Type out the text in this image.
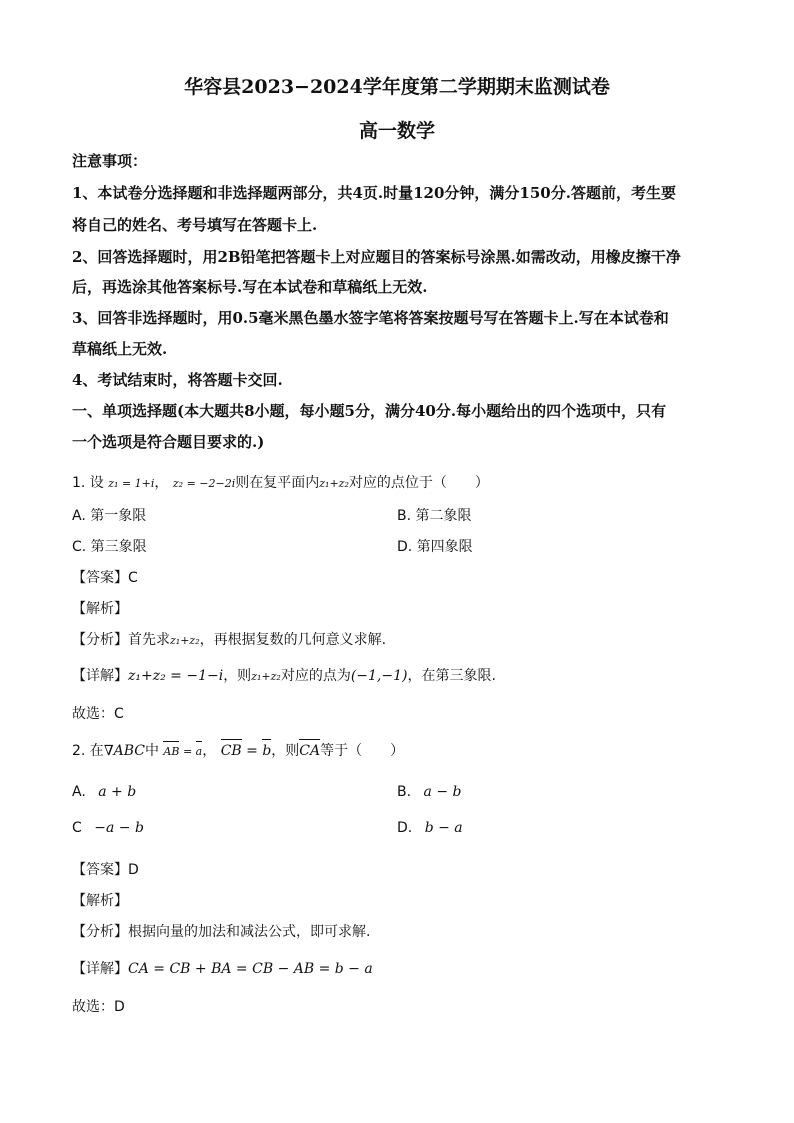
华容县2023−2024学年度第二学期期末监测试卷
高一数学
注意事项：
1、本试卷分选择题和非选择题两部分，共4页.时量120分钟，满分150分.答题前，考生要
将自己的姓名、考号填写在答题卡上.
2、回答选择题时，用2B铅笔把答题卡上对应题目的答案标号涂黑.如需改动，用橡皮擦干净
后，再选涂其他答案标号.写在本试卷和草稿纸上无效.
3、回答非选择题时，用0.5毫米黑色墨水签字笔将答案按题号写在答题卡上.写在本试卷和
草稿纸上无效.
4、考试结束时，将答题卡交回.
一、单项选择题(本大题共8小题，每小题5分，满分40分.每小题给出的四个选项中，只有
一个选项是符合题目要求的.)
1. 设 z₁ = 1+i， z₂ = −2−2i则在复平面内z₁+z₂对应的点位于（　　）
A. 第一象限	B. 第二象限
C. 第三象限	D. 第四象限
【答案】C
【解析】
【分析】首先求z₁+z₂，再根据复数的几何意义求解.
【详解】z₁+z₂ = −1−i，则z₁+z₂对应的点为(−1,−1)，在第三象限.
故选：C
2. 在∇ABC中 AB = a， CB = b，则CA等于（　　）
A. a + b	B. a − b
C −a − b	D. b − a
【答案】D
【解析】
【分析】根据向量的加法和减法公式，即可求解.
【详解】CA = CB + BA = CB − AB = b − a
故选：D
